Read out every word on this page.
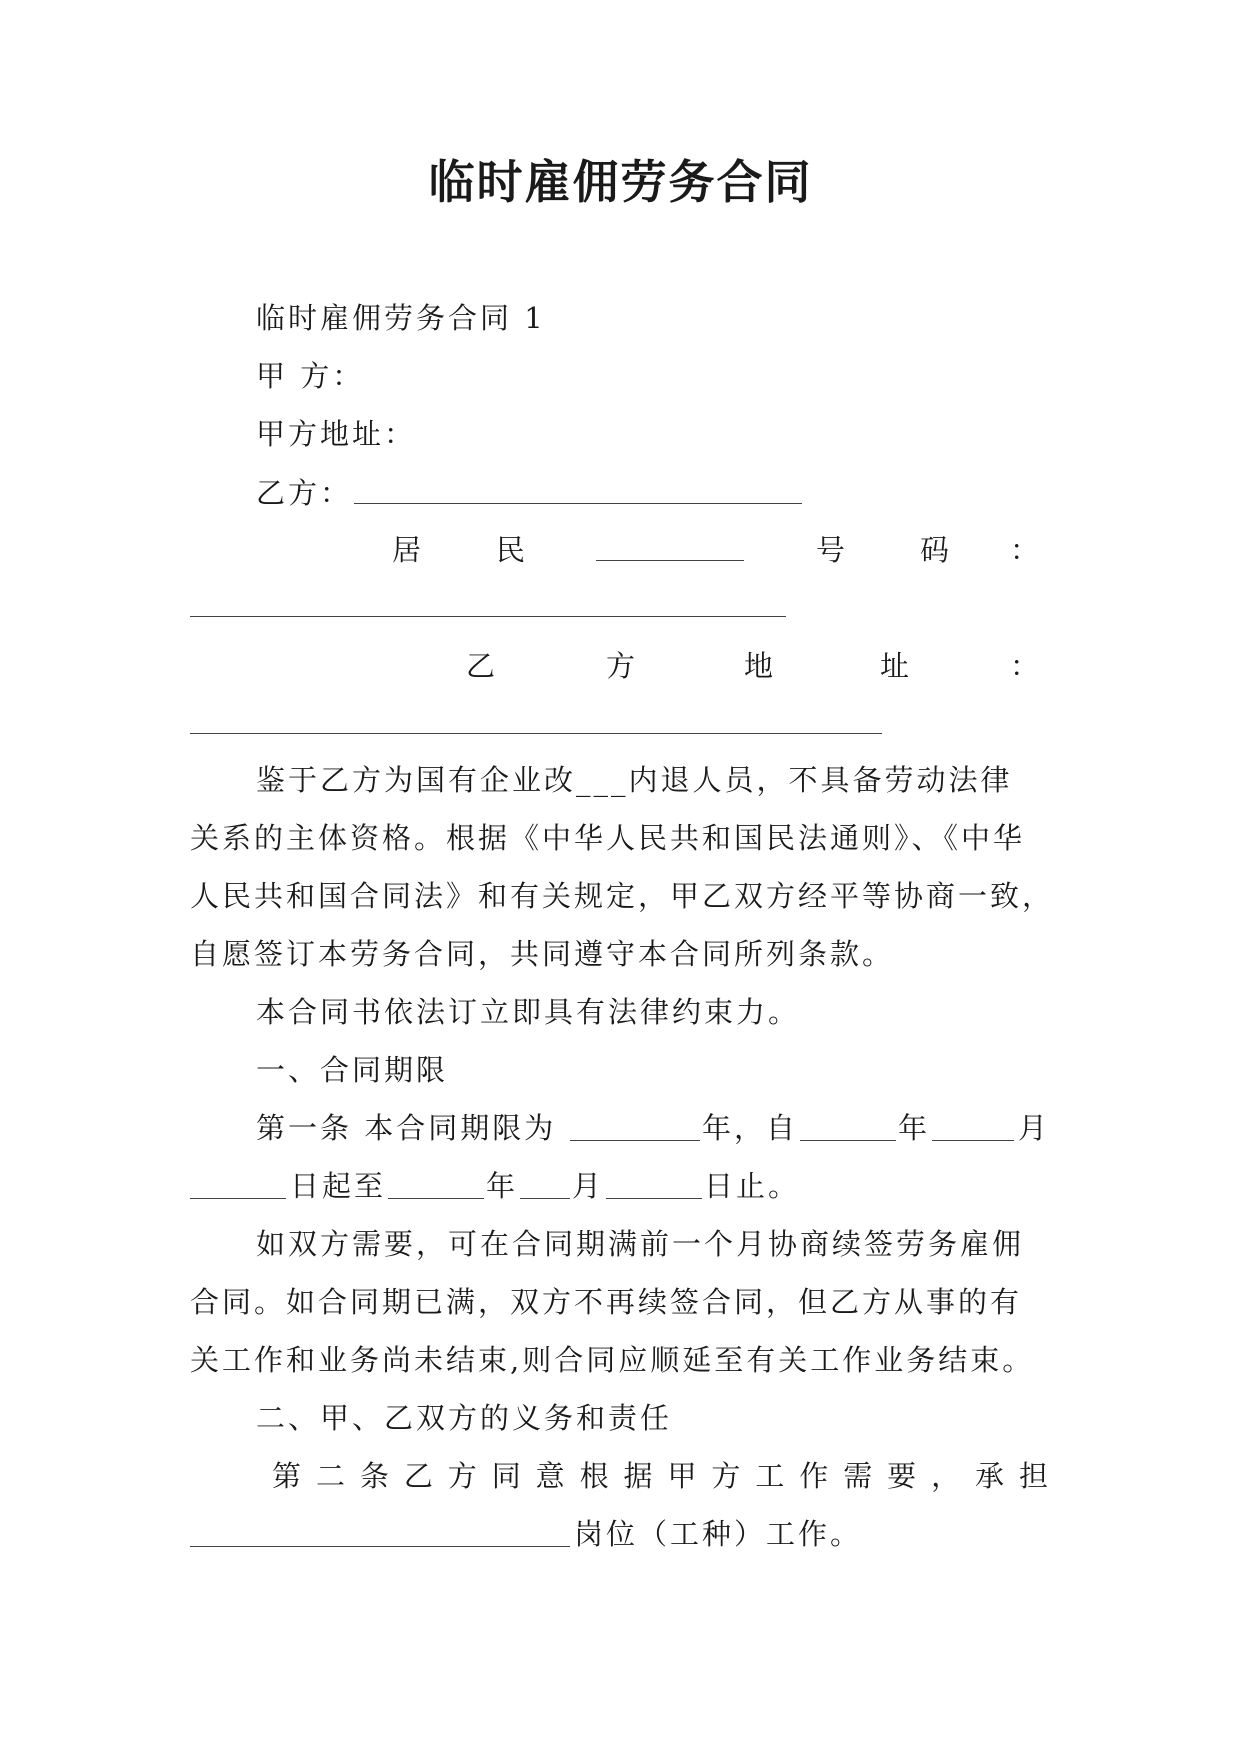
临时雇佣劳务合同
临时雇佣劳务合同 1
甲 方：
甲方地址：
乙方：
居 民	号 码 ：
乙	方	地	址	：
鉴于乙方为国有企业改___内退人员，不具备劳动法律
关系的主体资格。根据《中华人民共和国民法通则》、《中华
人民共和国合同法》和有关规定，甲乙双方经平等协商一致，
自愿签订本劳务合同，共同遵守本合同所列条款。
本合同书依法订立即具有法律约束力。
一、合同期限
第一条 本合同期限为	年，自	年	月
日起至	年 月	日止。
如双方需要，可在合同期满前一个月协商续签劳务雇佣
合同。如合同期已满，双方不再续签合同，但乙方从事的有
关工作和业务尚未结束,则合同应顺延至有关工作业务结束。
二、甲、乙双方的义务和责任
第 二 条 乙 方 同 意 根 据 甲 方 工 作 需 要 ， 承 担
岗位（工种）工作。
